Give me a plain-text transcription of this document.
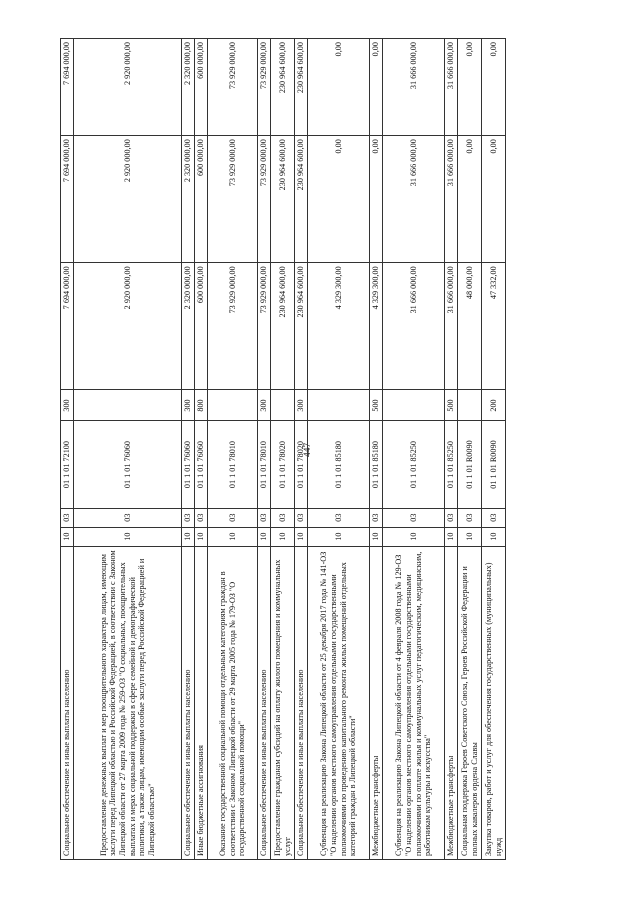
447
Социальное обеспечение и иные выплаты населению	10	03	01 1 01 72100	300	7 694 000,00	7 694 000,00	7 694 000,00
Предоставление денежных выплат и мер поощрительного характера лицам, имеющим заслуги перед Липецкой областью и Российской Федерацией, в соответствии с Законом Липецкой области от 27 марта 2009 года № 259-ОЗ "О социальных, поощрительных выплатах и мерах социальной поддержки в сфере семейной и демографической политики, а также лицам, имеющим особые заслуги перед Российской Федерацией и Липецкой областью"	10	03	01 1 01 76060		2 920 000,00	2 920 000,00	2 920 000,00
Социальное обеспечение и иные выплаты населению	10	03	01 1 01 76060	300	2 320 000,00	2 320 000,00	2 320 000,00
Иные бюджетные ассигнования	10	03	01 1 01 76060	800	600 000,00	600 000,00	600 000,00
Оказание государственной социальной помощи отдельным категориям граждан в соответствии с Законом Липецкой области от 29 марта 2005 года № 179-ОЗ "О государственной социальной помощи"	10	03	01 1 01 78010		73 929 000,00	73 929 000,00	73 929 000,00
Социальное обеспечение и иные выплаты населению	10	03	01 1 01 78010	300	73 929 000,00	73 929 000,00	73 929 000,00
Предоставление гражданам субсидий на оплату жилого помещения и коммунальных услуг	10	03	01 1 01 78020		230 964 600,00	230 964 600,00	230 964 600,00
Социальное обеспечение и иные выплаты населению	10	03	01 1 01 78020	300	230 964 600,00	230 964 600,00	230 964 600,00
Субвенция на реализацию Закона Липецкой области от 25 декабря 2017 года № 141-ОЗ "О наделении органов местного самоуправления отдельными государственными полномочиями по проведению капитального ремонта жилых помещений отдельных категорий граждан в Липецкой области"	10	03	01 1 01 85180		4 329 300,00	0,00	0,00
Межбюджетные трансферты	10	03	01 1 01 85180	500	4 329 300,00	0,00	0,00
Субвенция на реализацию Закона Липецкой области от 4 февраля 2008 года № 129-ОЗ "О наделении органов местного самоуправления отдельными государственными полномочиями по оплате жилья и коммунальных услуг педагогическим, медицинским, работникам культуры и искусства"	10	03	01 1 01 85250		31 666 000,00	31 666 000,00	31 666 000,00
Межбюджетные трансферты	10	03	01 1 01 85250	500	31 666 000,00	31 666 000,00	31 666 000,00
Социальная поддержка Героев Советского Союза, Героев Российской Федерации и полных кавалеров ордена Славы	10	03	01 1 01 R0090		48 000,00	0,00	0,00
Закупка товаров, работ и услуг для обеспечения государственных (муниципальных) нужд	10	03	01 1 01 R0090	200	47 332,00	0,00	0,00
